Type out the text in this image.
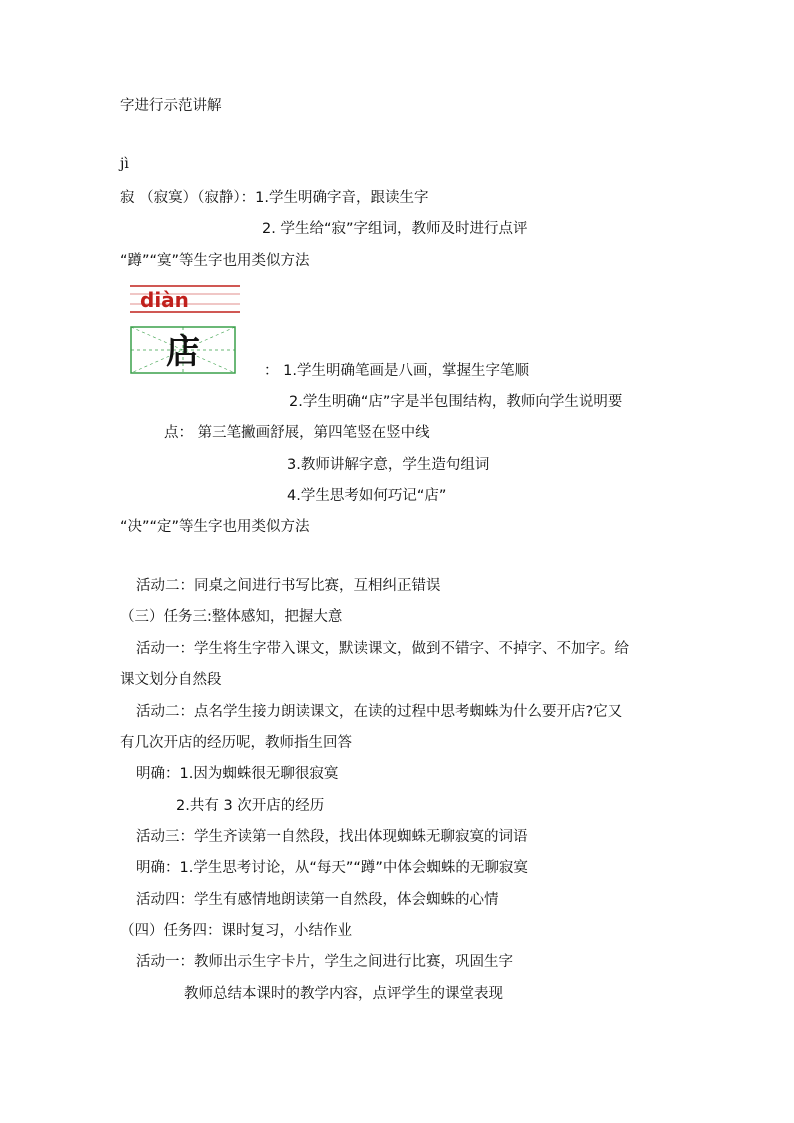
字进行示范讲解
jì
寂 （寂寞）（寂静）：1.学生明确字音，跟读生字
2. 学生给“寂”字组词，教师及时进行点评
“蹲”“寞”等生字也用类似方法
diàn
店	： 1.学生明确笔画是八画，掌握生字笔顺
2.学生明确“店”字是半包围结构，教师向学生说明要
点： 第三笔撇画舒展，第四笔竖在竖中线
3.教师讲解字意，学生造句组词
4.学生思考如何巧记“店”
“决”“定”等生字也用类似方法
活动二：同桌之间进行书写比赛，互相纠正错误
（三）任务三:整体感知，把握大意
活动一：学生将生字带入课文，默读课文，做到不错字、不掉字、不加字。给
课文划分自然段
活动二：点名学生接力朗读课文，在读的过程中思考蜘蛛为什么要开店?它又
有几次开店的经历呢，教师指生回答
明确：1.因为蜘蛛很无聊很寂寞
2.共有 3 次开店的经历
活动三：学生齐读第一自然段，找出体现蜘蛛无聊寂寞的词语
明确：1.学生思考讨论，从“每天”“蹲”中体会蜘蛛的无聊寂寞
活动四：学生有感情地朗读第一自然段，体会蜘蛛的心情
（四）任务四：课时复习，小结作业
活动一：教师出示生字卡片，学生之间进行比赛，巩固生字
教师总结本课时的教学内容，点评学生的课堂表现
